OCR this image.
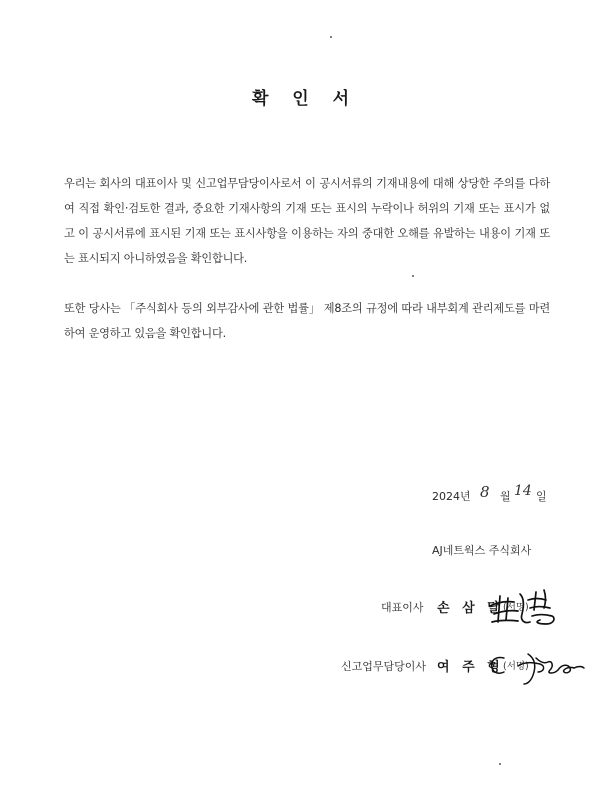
확 인 서
우리는 회사의 대표이사 및 신고업무담당이사로서 이 공시서류의 기재내용에 대해 상당한 주의를 다하여 직접 확인·검토한 결과, 중요한 기재사항의 기재 또는 표시의 누락이나 허위의 기재 또는 표시가 없고 이 공시서류에 표시된 기재 또는 표시사항을 이용하는 자의 중대한 오해를 유발하는 내용이 기재 또는 표시되지 아니하였음을 확인합니다.
또한 당사는 「주식회사 등의 외부감사에 관한 법률」 제8조의 규정에 따라 내부회계 관리제도를 마련하여 운영하고 있음을 확인합니다.
2024년 8 월 14 일
AJ네트웍스 주식회사
대표이사 손 삼 달 (서명)
신고업무담당이사 여 주 형 (서명)
